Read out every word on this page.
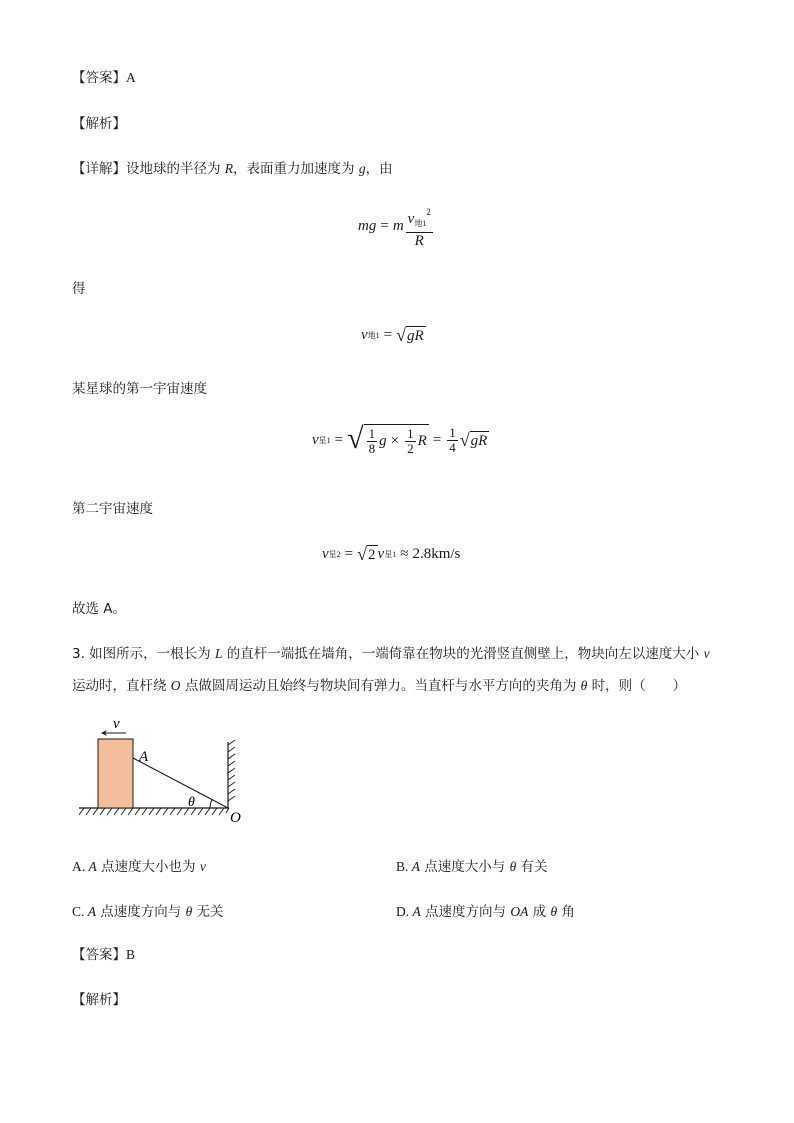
【答案】A
【解析】
【详解】设地球的半径为 R，表面重力加速度为 g，由
mg = m $\frac{v_{地1}^2}{R}$
得
v 地1 = √ gR
某星球的第一宇宙速度
v 星1 = √ $\frac{1}{8}$ $g \times \frac{1}{2}$ $R = \frac{1}{4}$ √ gR
第二宇宙速度
v 星2 = √ 2 v 星1 ≈ 2.8km/s
故选 A。
3. 如图所示，一根长为 L 的直杆一端抵在墙角，一端倚靠在物块的光滑竖直侧壁上，物块向左以速度大小 v
运动时，直杆绕 O 点做圆周运动且始终与物块间有弹力。当直杆与水平方向的夹角为 θ 时，则（　　）
v
A
θ
O
A. A 点速度大小也为 v	B. A 点速度大小与 θ 有关
C. A 点速度方向与 θ 无关	D. A 点速度方向与 OA 成 θ 角
【答案】B
【解析】
